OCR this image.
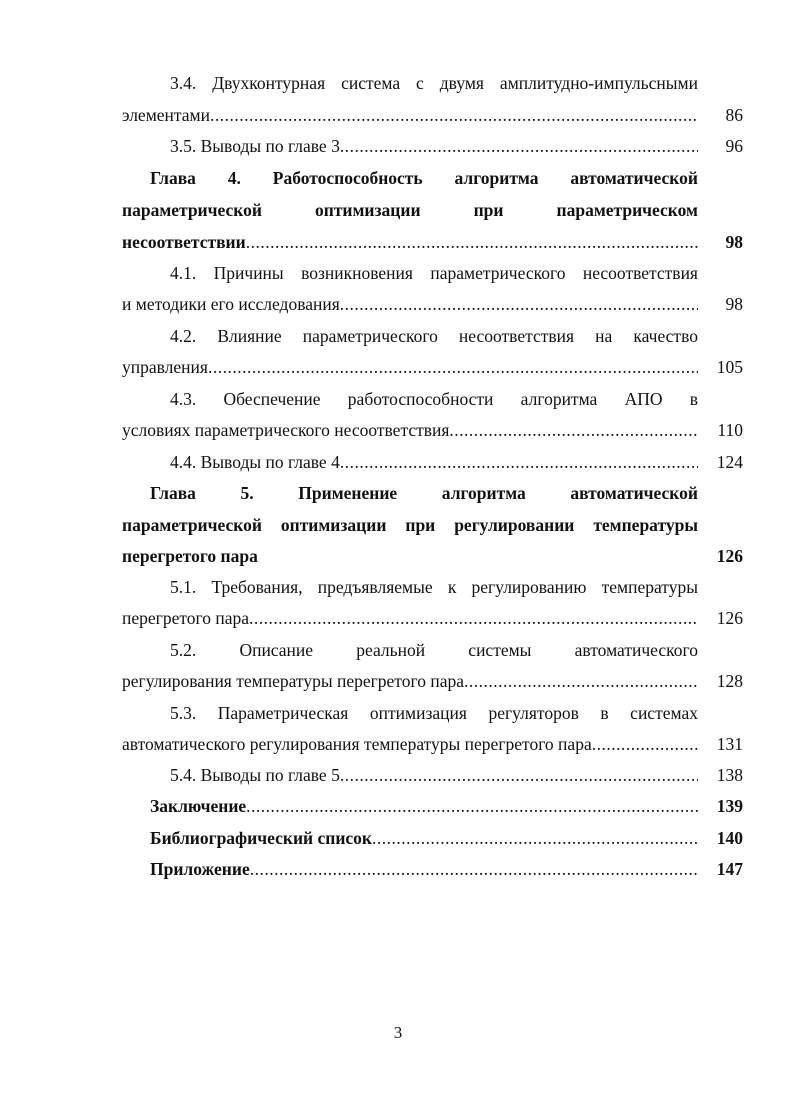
3.4. Двухконтурная система с двумя амплитудно-импульсными
элементами .....	86
3.5. Выводы по главе 3 .....	96
Глава 4. Работоспособность алгоритма автоматической
параметрической	оптимизации	при	параметрическом
несоответствии .....	98
4.1. Причины возникновения параметрического несоответствия
и методики его исследования .....	98
4.2. Влияние параметрического несоответствия на качество
управления .....	105
4.3. Обеспечение работоспособности алгоритма АПО в
условиях параметрического несоответствия .....	110
4.4. Выводы по главе 4 .....	124
Глава	5.	Применение	алгоритма	автоматической
параметрической оптимизации при регулировании температуры
перегретого пара	126
5.1. Требования, предъявляемые к регулированию температуры
перегретого пара .....	126
5.2. Описание реальной системы автоматического
регулирования температуры перегретого пара .....	128
5.3. Параметрическая оптимизация регуляторов в системах
автоматического регулирования температуры перегретого пара .....	131
5.4. Выводы по главе 5 .....	138
Заключение .....	139
Библиографический список .....	140
Приложение .....	147
3
